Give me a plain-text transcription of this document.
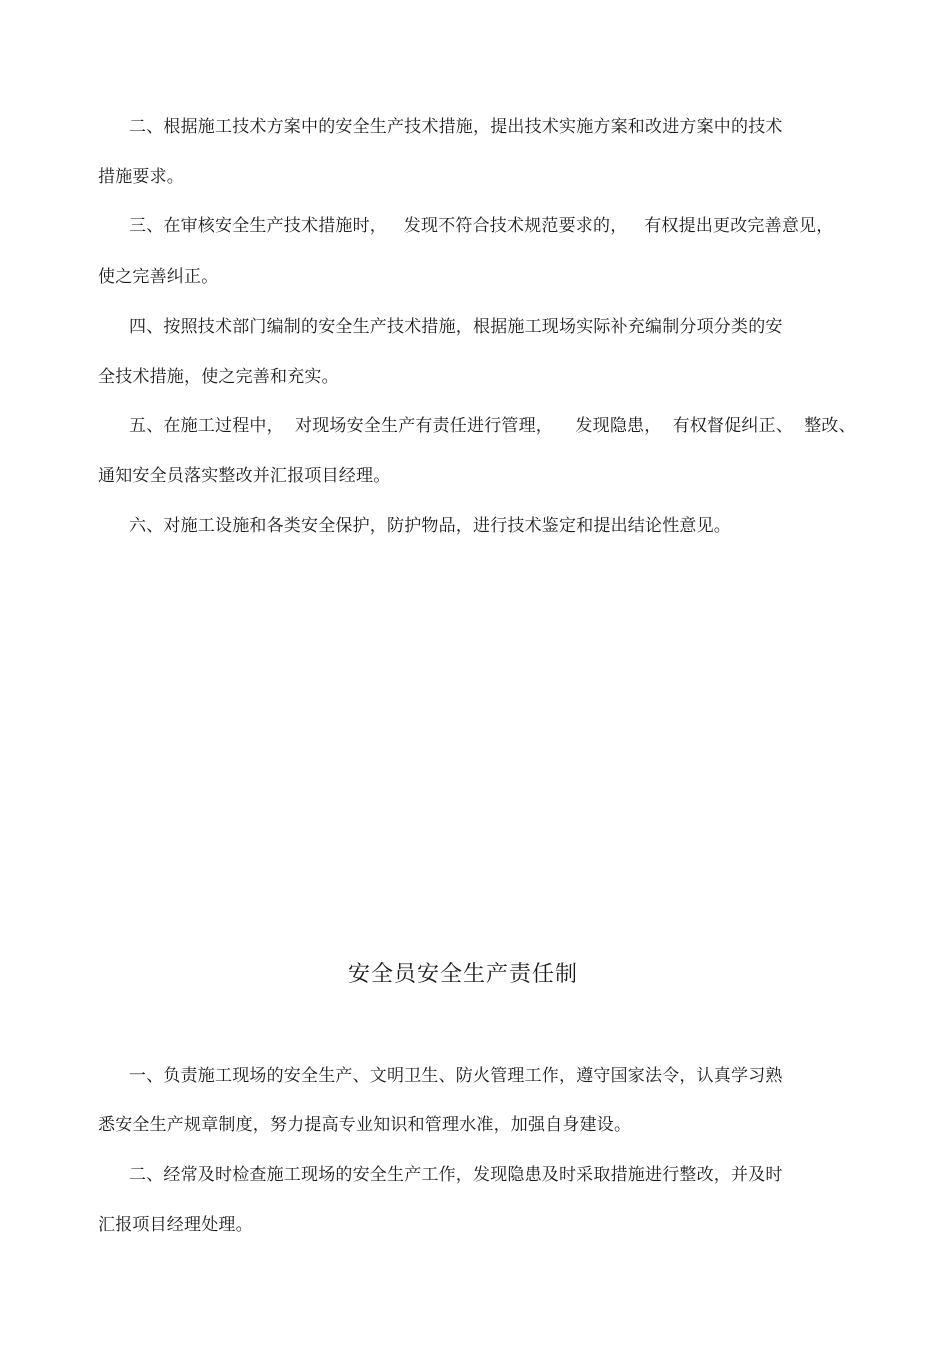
二、根据施工技术方案中的安全生产技术措施，提出技术实施方案和改进方案中的技术
措施要求。
三、在审核安全生产技术措施时，   发现不符合技术规范要求的，   有权提出更改完善意见，
使之完善纠正。
四、按照技术部门编制的安全生产技术措施，根据施工现场实际补充编制分项分类的安
全技术措施，使之完善和充实。
五、在施工过程中，  对现场安全生产有责任进行管理，    发现隐患，  有权督促纠正、  整改、
通知安全员落实整改并汇报项目经理。
六、对施工设施和各类安全保护，防护物品，进行技术鉴定和提出结论性意见。
安全员安全生产责任制
一、负责施工现场的安全生产、文明卫生、防火管理工作，遵守国家法令，认真学习熟
悉安全生产规章制度，努力提高专业知识和管理水准，加强自身建设。
二、经常及时检查施工现场的安全生产工作，发现隐患及时采取措施进行整改，并及时
汇报项目经理处理。
